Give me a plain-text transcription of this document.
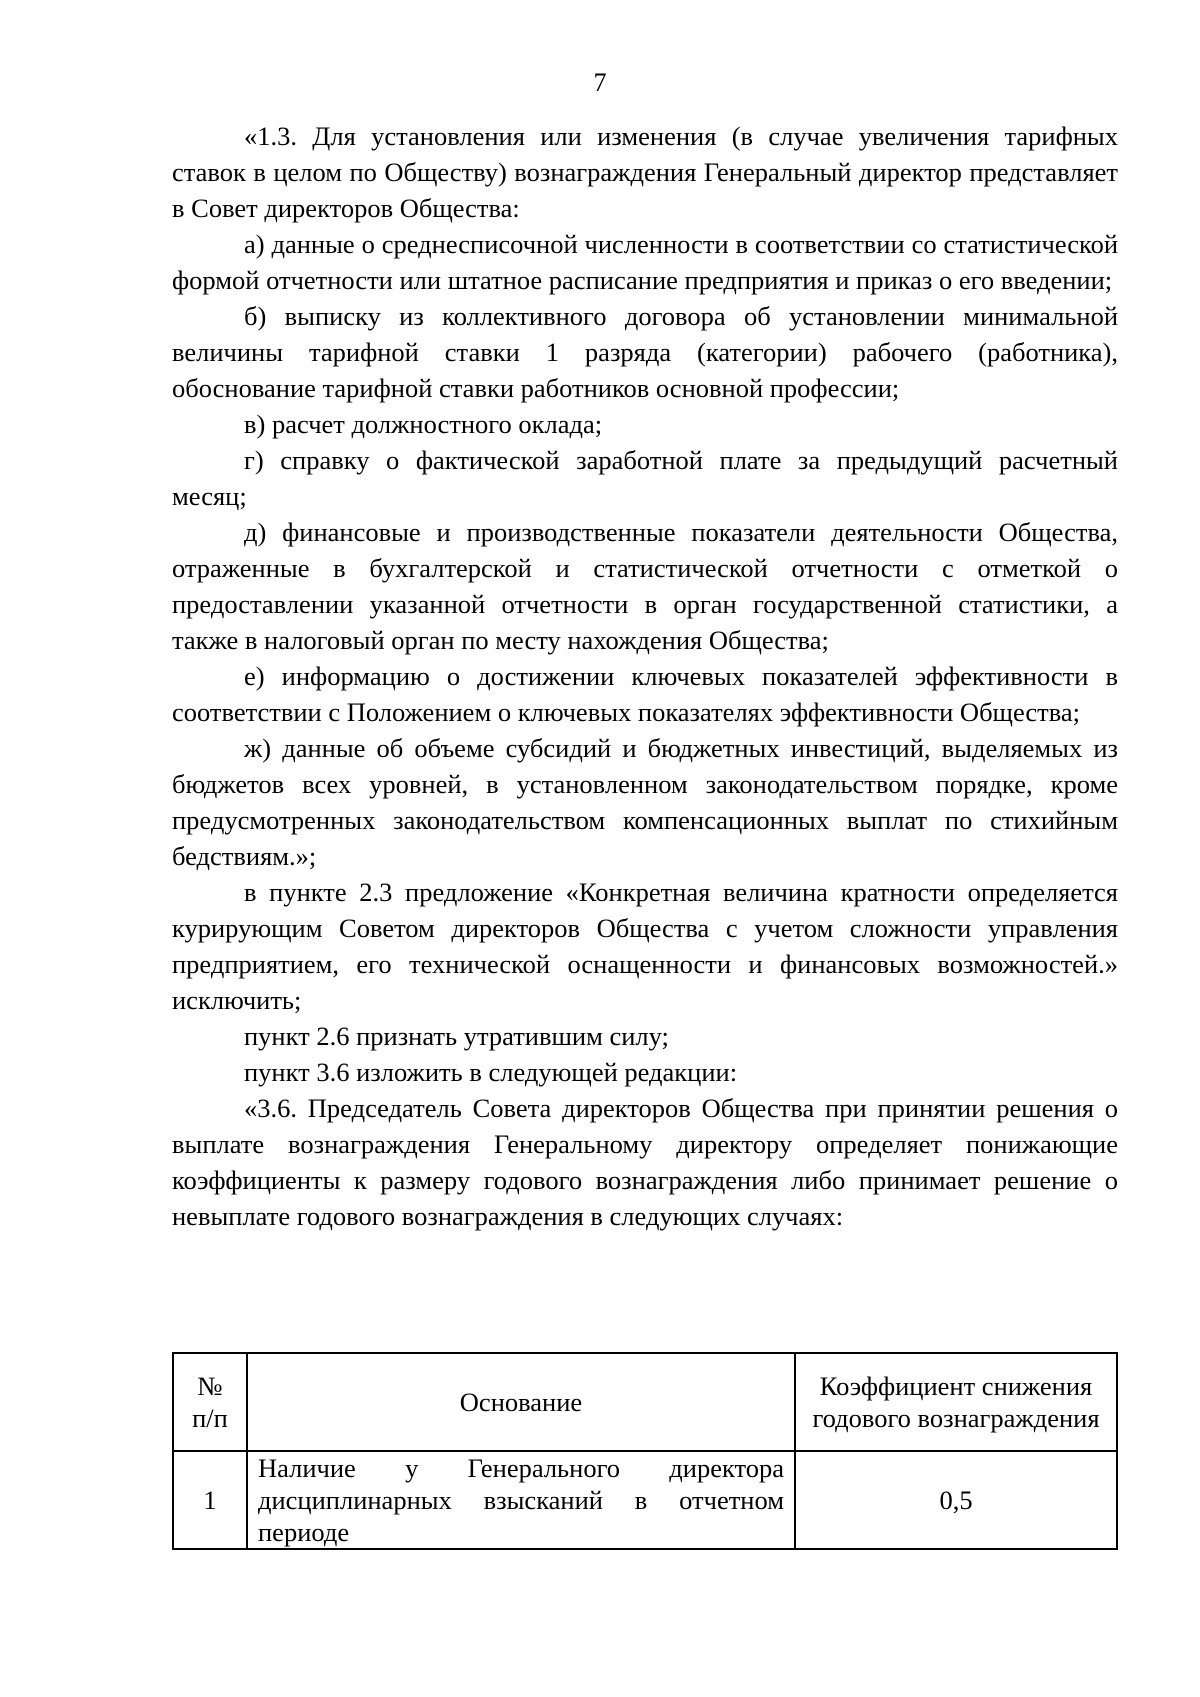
7

«1.3. Для установления или изменения (в случае увеличения тарифных ставок в целом по Обществу) вознаграждения Генеральный директор представляет в Совет директоров Общества:

а) данные о среднесписочной численности в соответствии со статистической формой отчетности или штатное расписание предприятия и приказ о его введении;

б) выписку из коллективного договора об установлении минимальной величины тарифной ставки 1 разряда (категории) рабочего (работника), обоснование тарифной ставки работников основной профессии;

в) расчет должностного оклада;

г) справку о фактической заработной плате за предыдущий расчетный месяц;

д) финансовые и производственные показатели деятельности Общества, отраженные в бухгалтерской и статистической отчетности с отметкой о предоставлении указанной отчетности в орган государственной статистики, а также в налоговый орган по месту нахождения Общества;

е) информацию о достижении ключевых показателей эффективности в соответствии с Положением о ключевых показателях эффективности Общества;

ж) данные об объеме субсидий и бюджетных инвестиций, выделяемых из бюджетов всех уровней, в установленном законодательством порядке, кроме предусмотренных законодательством компенсационных выплат по стихийным бедствиям.»;

в пункте 2.3 предложение «Конкретная величина кратности определяется курирующим Советом директоров Общества с учетом сложности управления предприятием, его технической оснащенности и финансовых возможностей.» исключить;

пункт 2.6 признать утратившим силу;

пункт 3.6 изложить в следующей редакции:

«3.6. Председатель Совета директоров Общества при принятии решения о выплате вознаграждения Генеральному директору определяет понижающие коэффициенты к размеру годового вознаграждения либо принимает решение о невыплате годового вознаграждения в следующих случаях:

№ п/п	Основание	Коэффициент снижения годового вознаграждения
1	Наличие у Генерального директора дисциплинарных взысканий в отчетном периоде	0,5
